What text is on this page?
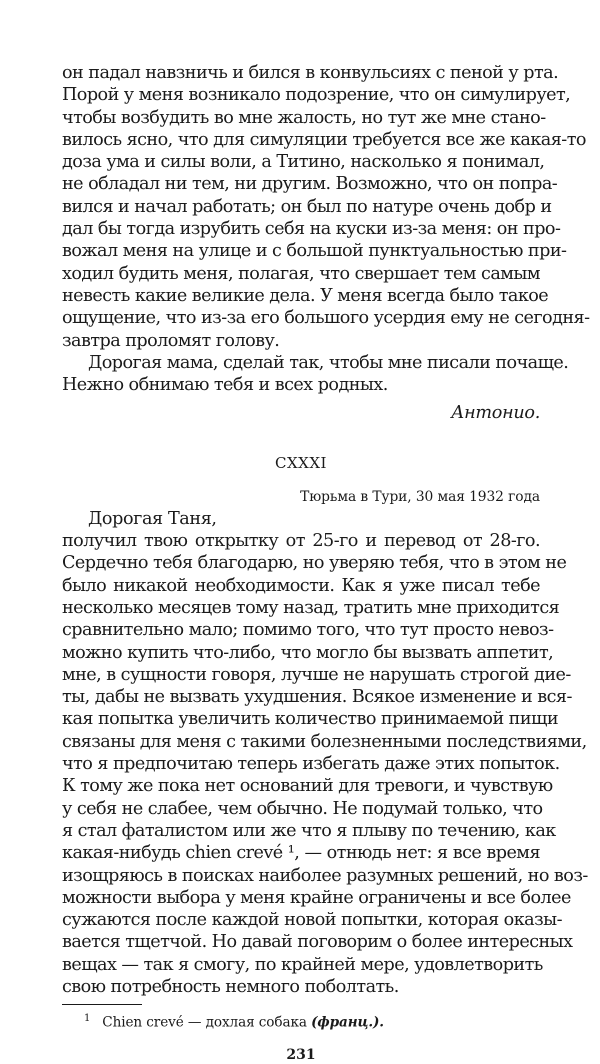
он падал навзничь и бился в конвульсиях с пеной у рта.
Порой у меня возникало подозрение, что он симулирует,
чтобы возбудить во мне жалость, но тут же мне стано-
вилось ясно, что для симуляции требуется все же какая-то
доза ума и силы воли, а Титино, насколько я понимал,
не обладал ни тем, ни другим. Возможно, что он попра-
вился и начал работать; он был по натуре очень добр и
дал бы тогда изрубить себя на куски из-за меня: он про-
вожал меня на улице и с большой пунктуальностью при-
ходил будить меня, полагая, что свершает тем самым
невесть какие великие дела. У меня всегда было такое
ощущение, что из-за его большого усердия ему не сегодня-
завтра проломят голову.
Дорогая мама, сделай так, чтобы мне писали почаще.
Нежно обнимаю тебя и всех родных.
Антонио.
CXXXI
Тюрьма в Тури, 30 мая 1932 года
Дорогая Таня,
получил твою открытку от 25-го и перевод от 28-го.
Сердечно тебя благодарю, но уверяю тебя, что в этом не
было никакой необходимости. Как я уже писал тебе
несколько месяцев тому назад, тратить мне приходится
сравнительно мало; помимо того, что тут просто невоз-
можно купить что-либо, что могло бы вызвать аппетит,
мне, в сущности говоря, лучше не нарушать строгой дие-
ты, дабы не вызвать ухудшения. Всякое изменение и вся-
кая попытка увеличить количество принимаемой пищи
связаны для меня с такими болезненными последствиями,
что я предпочитаю теперь избегать даже этих попыток.
К тому же пока нет оснований для тревоги, и чувствую
у себя не слабее, чем обычно. Не подумай только, что
я стал фаталистом или же что я плыву по течению, как
какая-нибудь chien crevé ¹, — отнюдь нет: я все время
изощряюсь в поисках наиболее разумных решений, но воз-
можности выбора у меня крайне ограничены и все более
сужаются после каждой новой попытки, которая оказы-
вается тщетчой. Но давай поговорим о более интересных
вещах — так я смогу, по крайней мере, удовлетворить
свою потребность немного поболтать.
$^1$ Chien crevé — дохлая собака (франц.).
231
